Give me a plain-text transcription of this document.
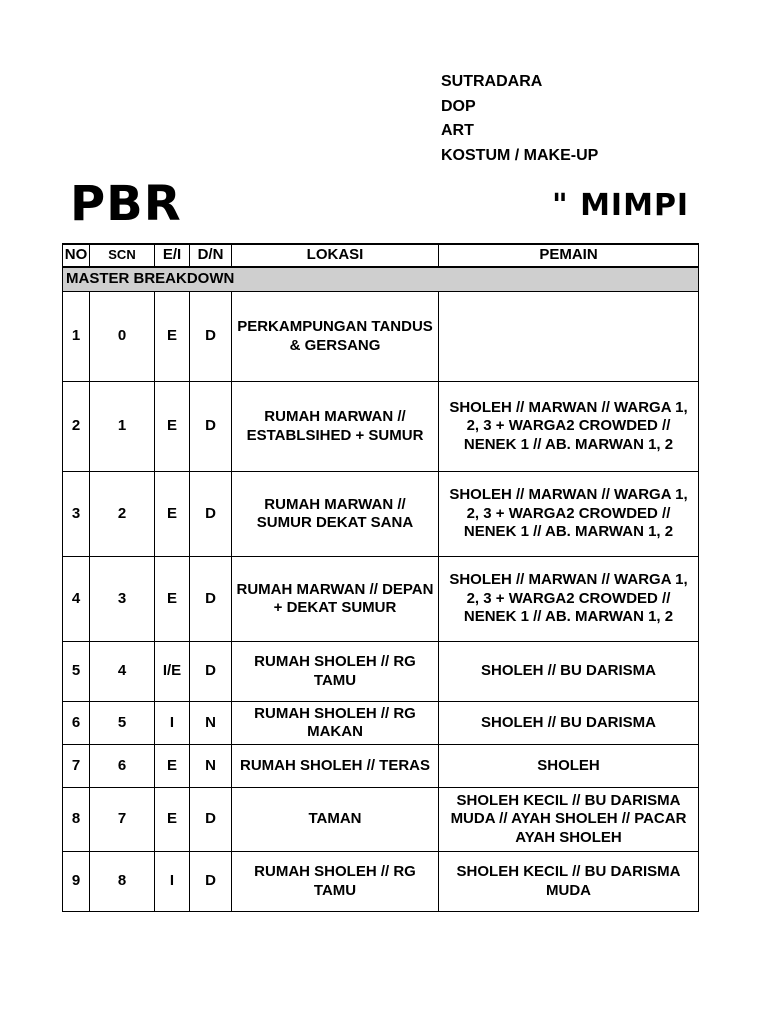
SUTRADARA
DOP
ART
KOSTUM / MAKE-UP
PBR	" MIMPI
NO	SCN	E/I	D/N	LOKASI	PEMAIN
MASTER BREAKDOWN					
1	0	E	D	PERKAMPUNGAN TANDUS & GERSANG	
2	1	E	D	RUMAH MARWAN // ESTABLSIHED + SUMUR	SHOLEH // MARWAN // WARGA 1, 2, 3 + WARGA2 CROWDED // NENEK 1 // AB. MARWAN 1, 2
3	2	E	D	RUMAH MARWAN // SUMUR DEKAT SANA	SHOLEH // MARWAN // WARGA 1, 2, 3 + WARGA2 CROWDED // NENEK 1 // AB. MARWAN 1, 2
4	3	E	D	RUMAH MARWAN // DEPAN + DEKAT SUMUR	SHOLEH // MARWAN // WARGA 1, 2, 3 + WARGA2 CROWDED // NENEK 1 // AB. MARWAN 1, 2
5	4	I/E	D	RUMAH SHOLEH // RG TAMU	SHOLEH // BU DARISMA
6	5	I	N	RUMAH SHOLEH // RG MAKAN	SHOLEH // BU DARISMA
7	6	E	N	RUMAH SHOLEH // TERAS	SHOLEH
8	7	E	D	TAMAN	SHOLEH KECIL // BU DARISMA MUDA // AYAH SHOLEH // PACAR AYAH SHOLEH
9	8	I	D	RUMAH SHOLEH // RG TAMU	SHOLEH KECIL // BU DARISMA MUDA
